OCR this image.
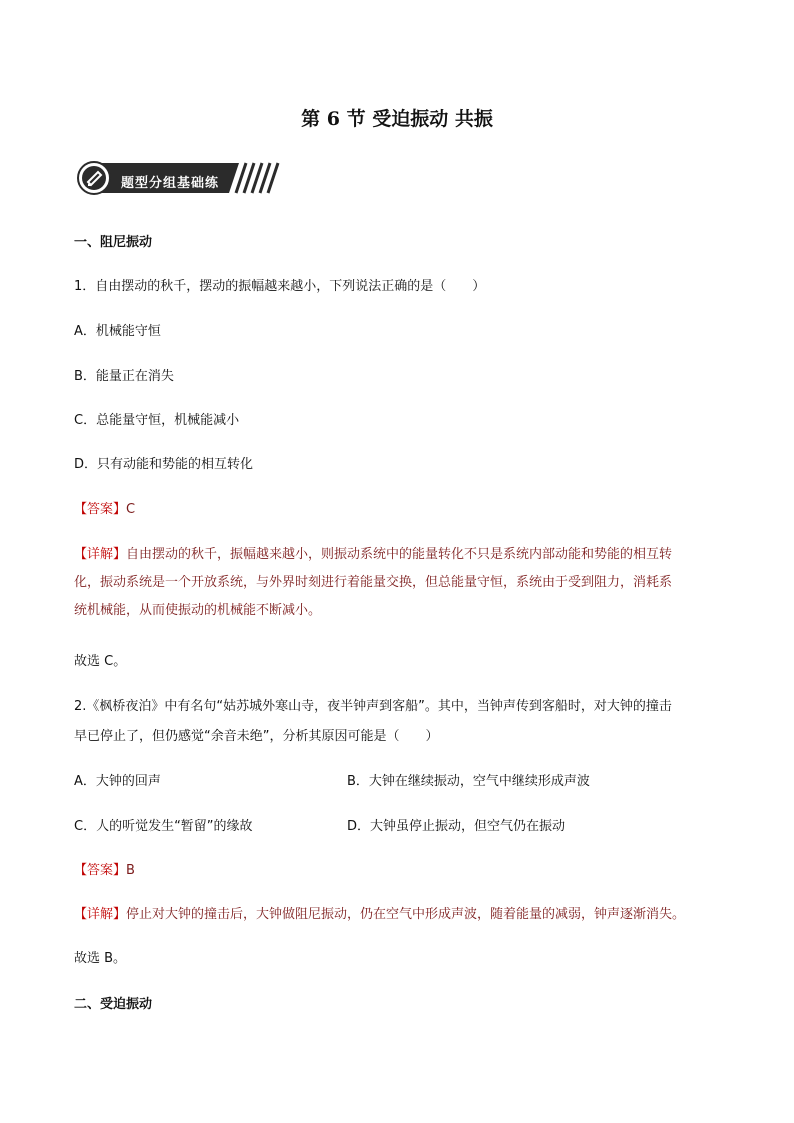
第 6 节 受迫振动 共振
题型分组基础练
一、阻尼振动
1．自由摆动的秋千，摆动的振幅越来越小，下列说法正确的是（　　）
A．机械能守恒
B．能量正在消失
C．总能量守恒，机械能减小
D．只有动能和势能的相互转化
【答案】C
【详解】自由摆动的秋千，振幅越来越小，则振动系统中的能量转化不只是系统内部动能和势能的相互转
化，振动系统是一个开放系统，与外界时刻进行着能量交换，但总能量守恒，系统由于受到阻力，消耗系
统机械能，从而使振动的机械能不断减小。
故选 C。
2.《枫桥夜泊》中有名句“姑苏城外寒山寺，夜半钟声到客船”。其中，当钟声传到客船时，对大钟的撞击
早已停止了，但仍感觉“余音未绝”，分析其原因可能是（　　）
A．大钟的回声	B．大钟在继续振动，空气中继续形成声波
C．人的听觉发生“暂留”的缘故	D．大钟虽停止振动，但空气仍在振动
【答案】B
【详解】停止对大钟的撞击后，大钟做阻尼振动，仍在空气中形成声波，随着能量的减弱，钟声逐渐消失。
故选 B。
二、受迫振动
